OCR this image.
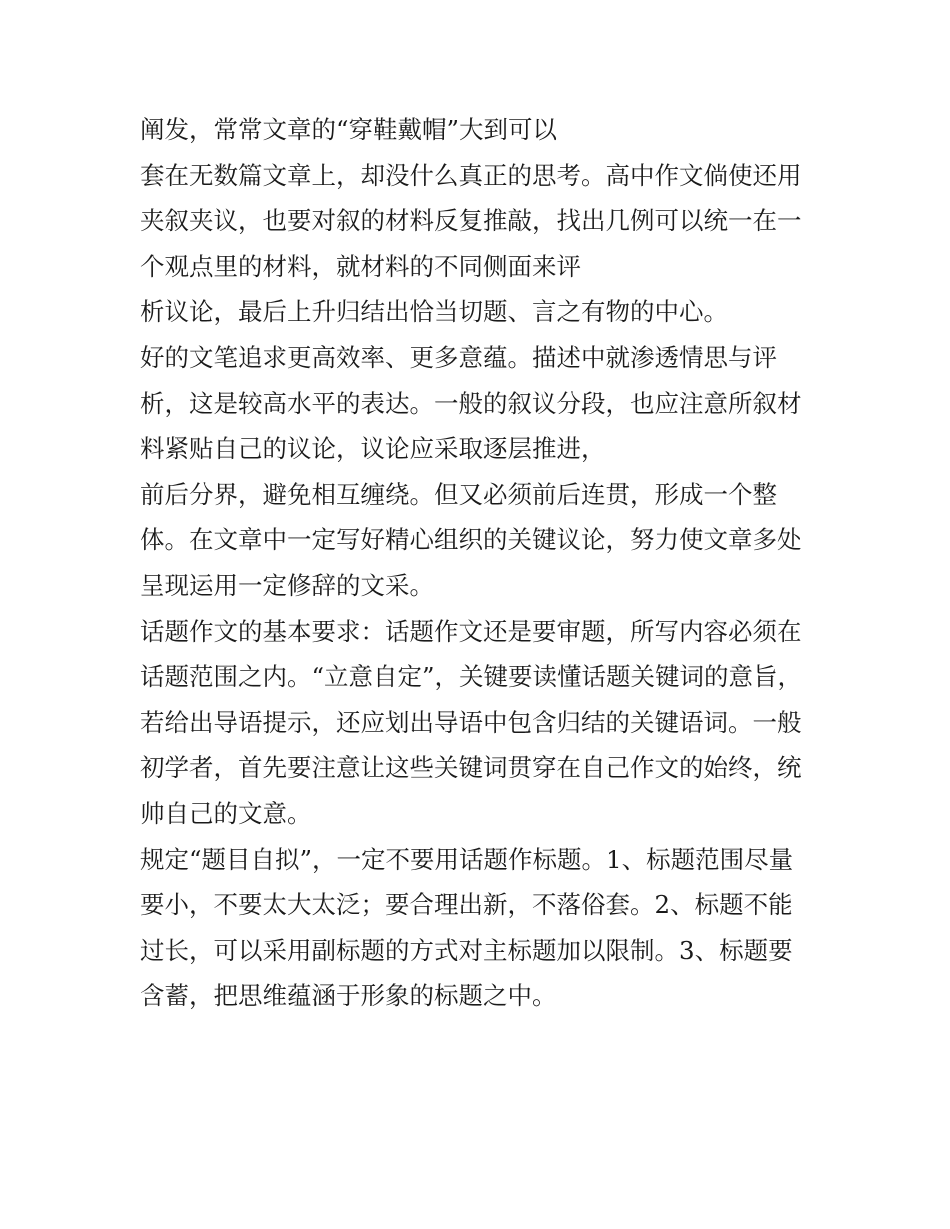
阐发，常常文章的“穿鞋戴帽”大到可以
套在无数篇文章上，却没什么真正的思考。高中作文倘使还用
夹叙夹议，也要对叙的材料反复推敲，找出几例可以统一在一
个观点里的材料，就材料的不同侧面来评
析议论，最后上升归结出恰当切题、言之有物的中心。
好的文笔追求更高效率、更多意蕴。描述中就渗透情思与评
析，这是较高水平的表达。一般的叙议分段，也应注意所叙材
料紧贴自己的议论，议论应采取逐层推进，
前后分界，避免相互缠绕。但又必须前后连贯，形成一个整
体。在文章中一定写好精心组织的关键议论，努力使文章多处
呈现运用一定修辞的文采。
话题作文的基本要求：话题作文还是要审题，所写内容必须在
话题范围之内。“立意自定”，关键要读懂话题关键词的意旨，
若给出导语提示，还应划出导语中包含归结的关键语词。一般
初学者，首先要注意让这些关键词贯穿在自己作文的始终，统
帅自己的文意。
规定“题目自拟”，一定不要用话题作标题。1、标题范围尽量
要小，不要太大太泛；要合理出新，不落俗套。2、标题不能
过长，可以采用副标题的方式对主标题加以限制。3、标题要
含蓄，把思维蕴涵于形象的标题之中。
